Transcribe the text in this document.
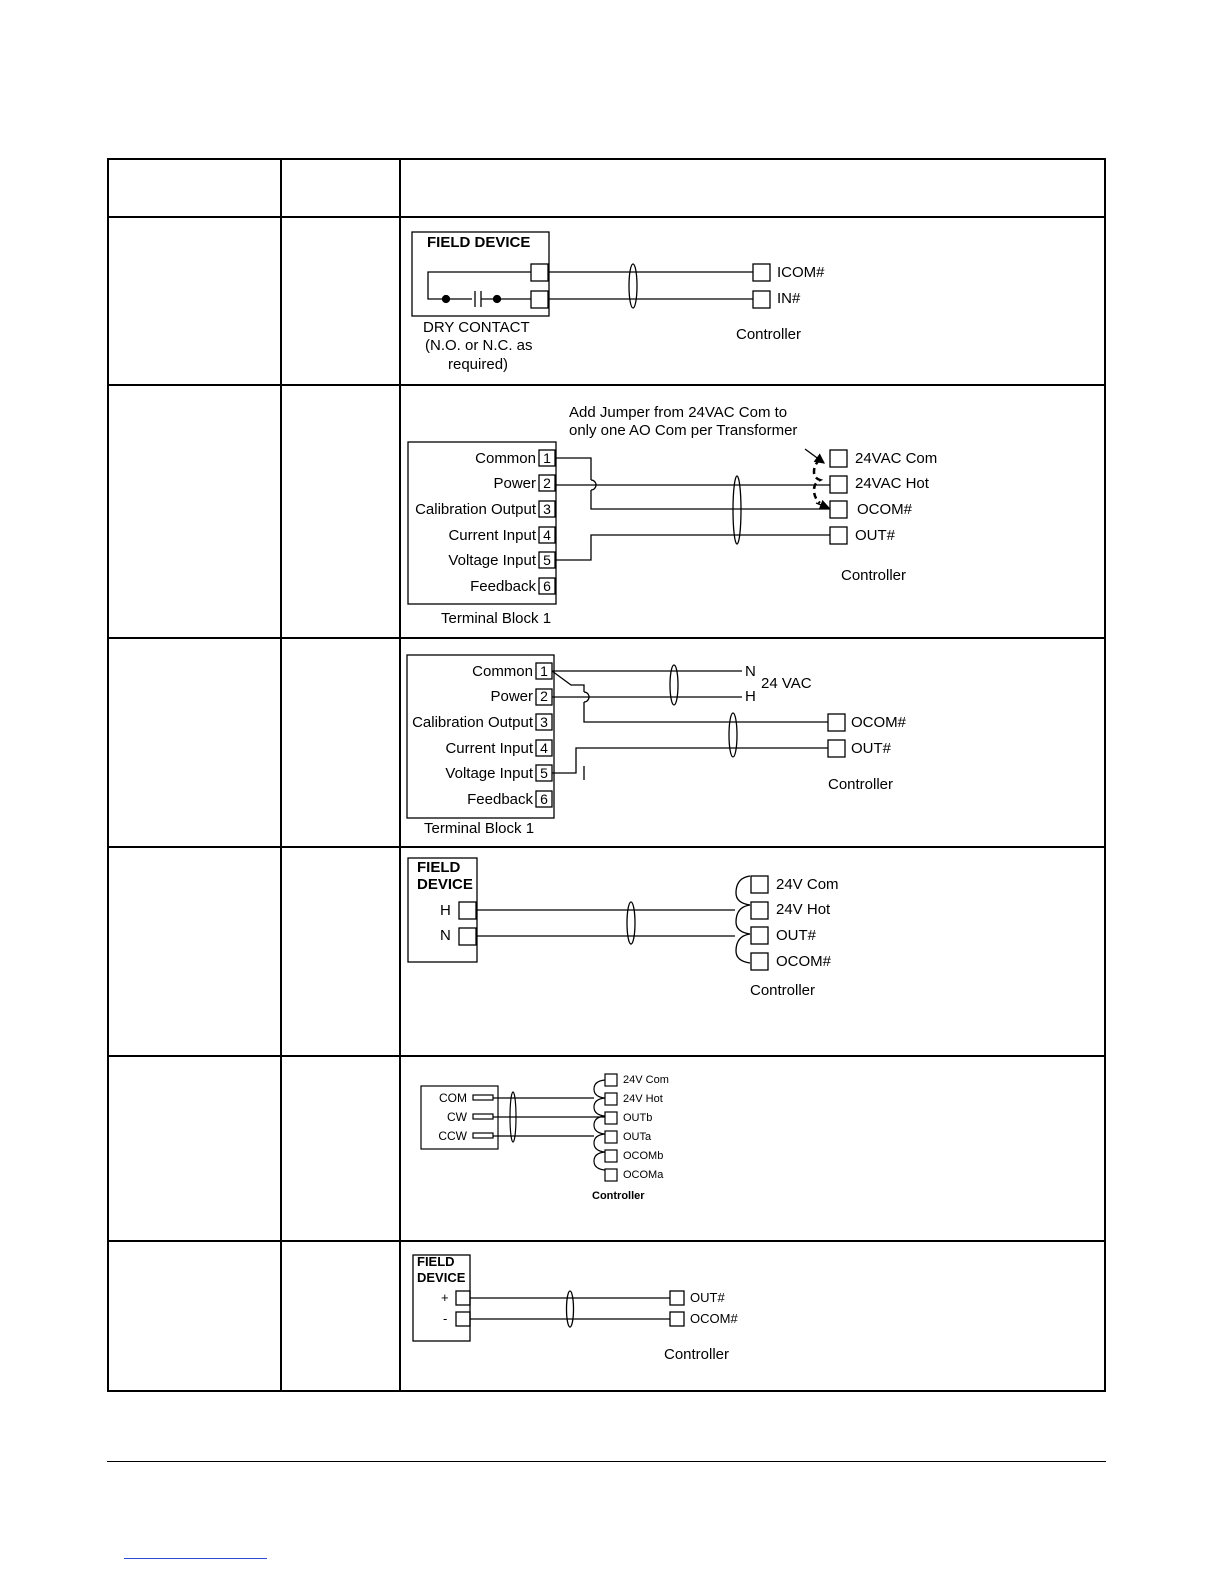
FIELD DEVICE
ICOM#
IN#
DRY CONTACT
(N.O. or N.C. as
required)
Controller
Add Jumper from 24VAC Com to
only one AO Com per Transformer
Common
Power
Calibration Output
Current Input
Voltage Input
Feedback
1
2
3
4
5
6
Terminal Block 1
24VAC Com
24VAC Hot
OCOM#
OUT#
Controller
Common
Power
Calibration Output
Current Input
Voltage Input
Feedback
1
2
3
4
5
6
Terminal Block 1
N
H
24 VAC
OCOM#
OUT#
Controller
FIELD
DEVICE
H
N
24V Com
24V Hot
OUT#
OCOM#
Controller
COM
CW
CCW
24V Com
24V Hot
OUTb
OUTa
OCOMb
OCOMa
Controller
FIELD
DEVICE
+
-
OUT#
OCOM#
Controller
